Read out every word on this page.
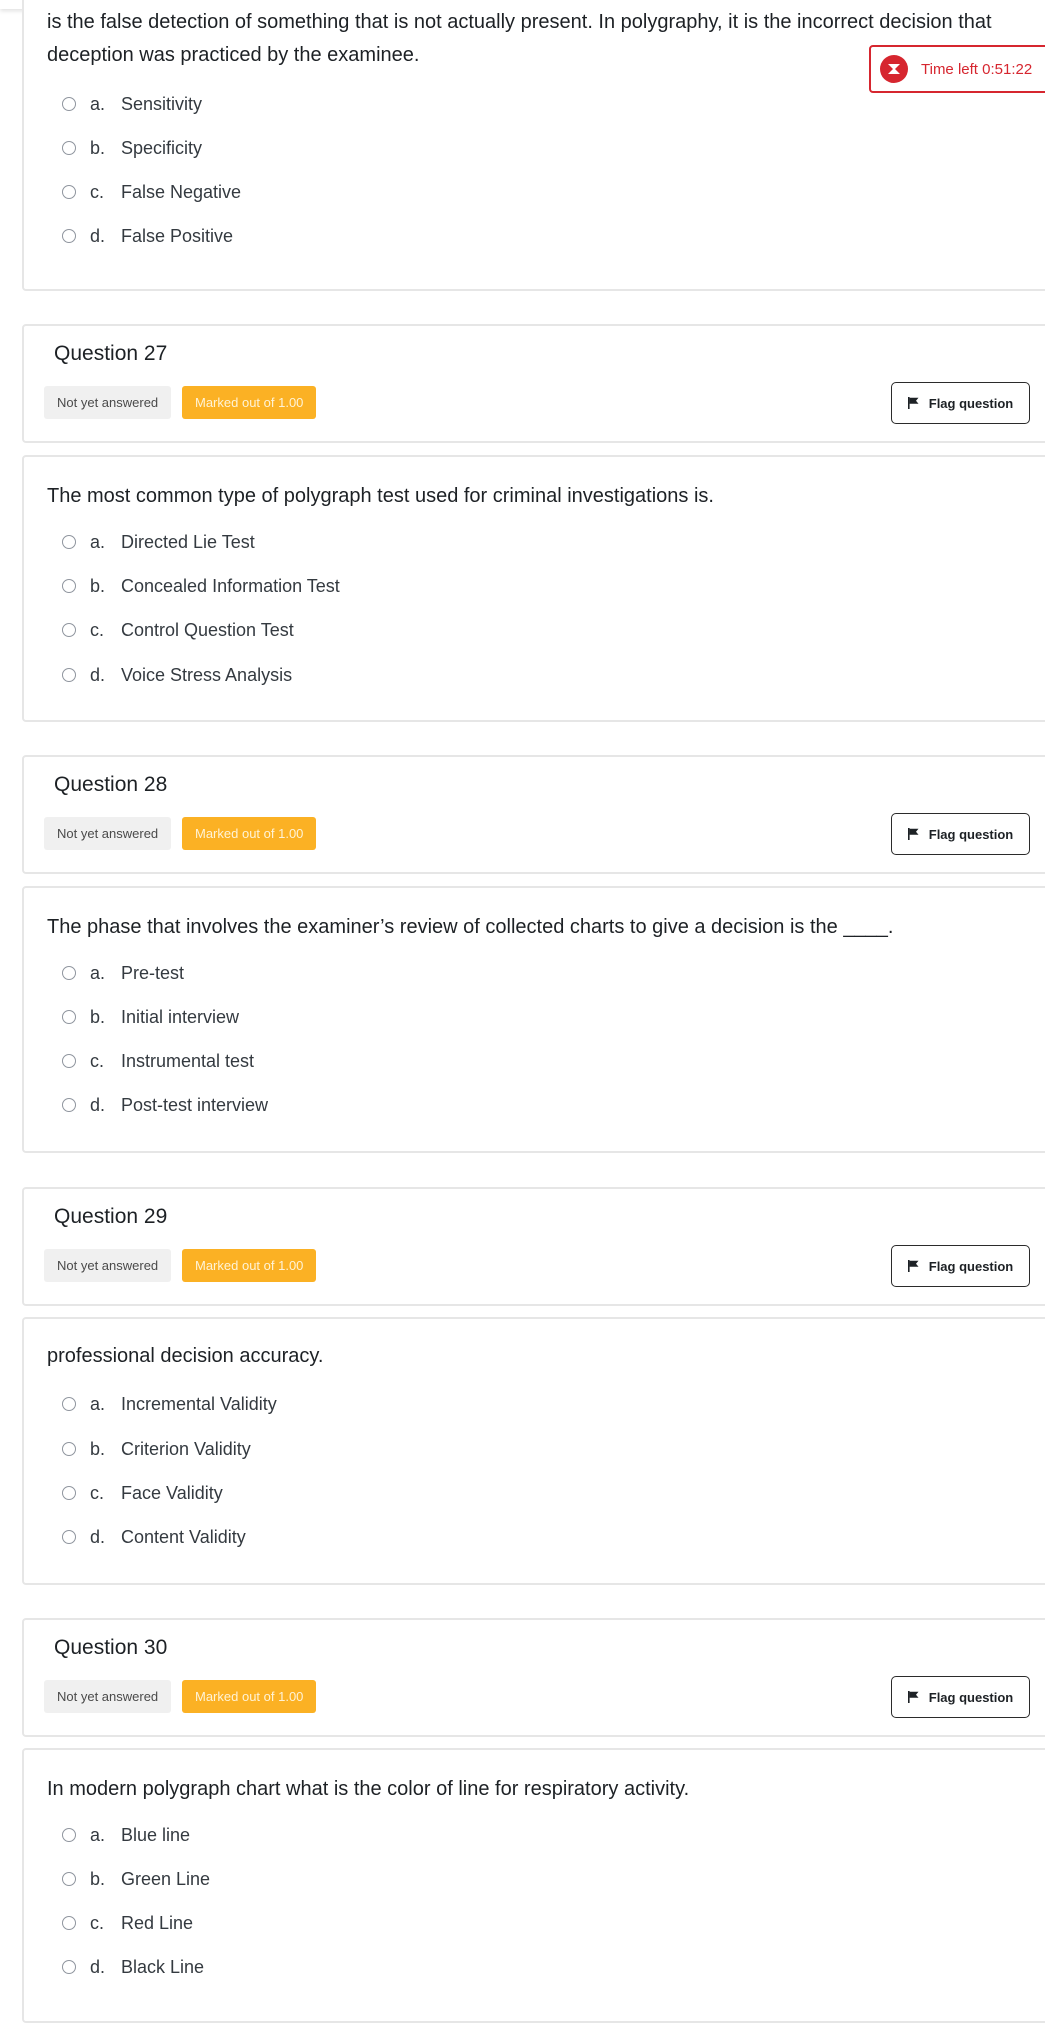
is the false detection of something that is not actually present. In polygraphy, it is the incorrect decision that
deception was practiced by the examinee.
a. Sensitivity
b. Specificity
c. False Negative
d. False Positive
Time left 0:51:22
Question 27
Not yet answered	Marked out of 1.00	Flag question
The most common type of polygraph test used for criminal investigations is.
a. Directed Lie Test
b. Concealed Information Test
c. Control Question Test
d. Voice Stress Analysis
Question 28
Not yet answered	Marked out of 1.00	Flag question
The phase that involves the examiner’s review of collected charts to give a decision is the ____.
a. Pre-test
b. Initial interview
c. Instrumental test
d. Post-test interview
Question 29
Not yet answered	Marked out of 1.00	Flag question
professional decision accuracy.
a. Incremental Validity
b. Criterion Validity
c. Face Validity
d. Content Validity
Question 30
Not yet answered	Marked out of 1.00	Flag question
In modern polygraph chart what is the color of line for respiratory activity.
a. Blue line
b. Green Line
c. Red Line
d. Black Line
